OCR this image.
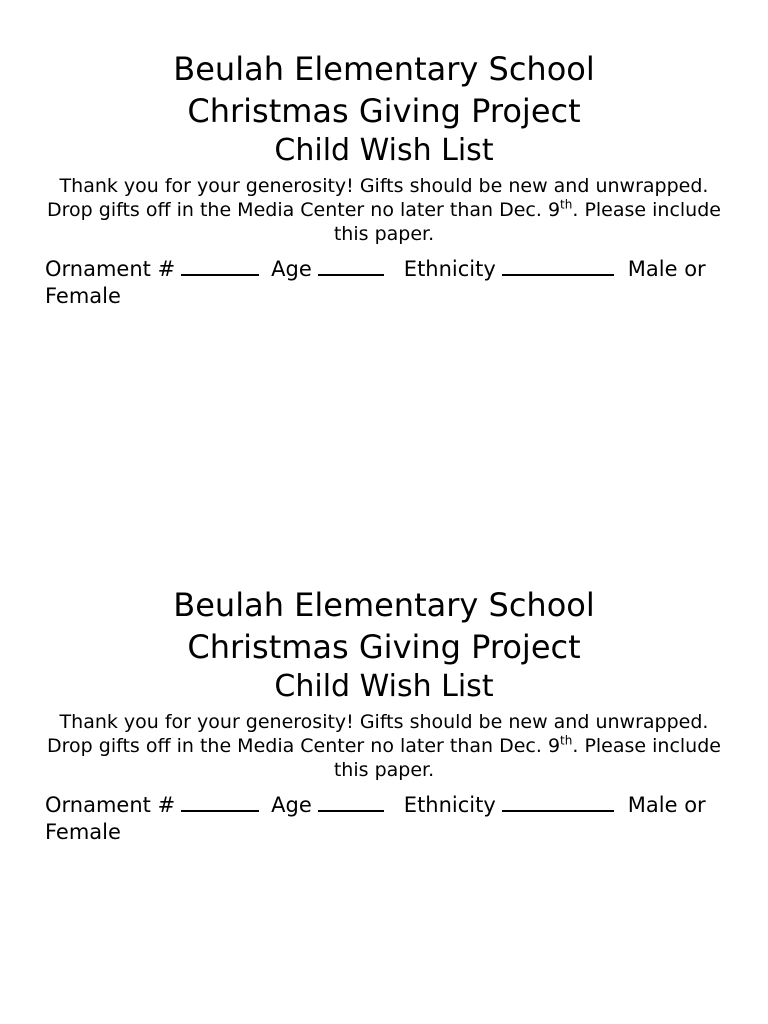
Beulah Elementary School
Christmas Giving Project
Child Wish List
Thank you for your generosity! Gifts should be new and unwrapped. Drop gifts off in the Media Center no later than Dec. 9th. Please include this paper.
Ornament #	Age	Ethnicity	Male or Female
Beulah Elementary School
Christmas Giving Project
Child Wish List
Thank you for your generosity! Gifts should be new and unwrapped. Drop gifts off in the Media Center no later than Dec. 9th. Please include this paper.
Ornament #	Age	Ethnicity	Male or Female
